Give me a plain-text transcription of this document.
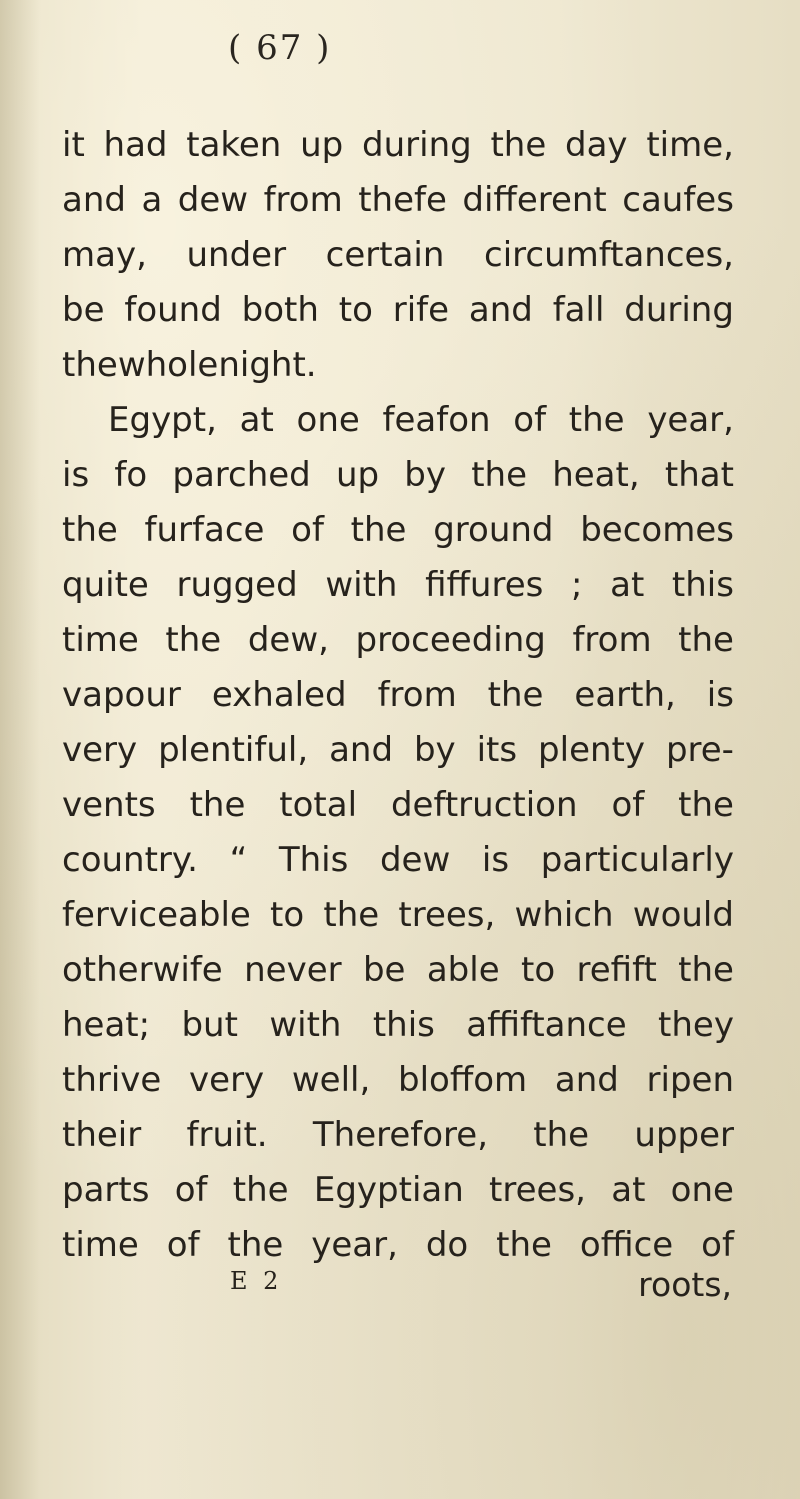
( 67 )
it had taken up during the day time,
and a dew from thefe different caufes
may, under certain circumftances,
be found both to rife and fall during
the whole night.
Egypt, at one feafon of the year,
is fo parched up by the heat, that
the furface of the ground becomes
quite rugged with fiffures ; at this
time the dew, proceeding from the
vapour exhaled from the earth, is
very plentiful, and by its plenty pre-
vents the total deftruction of the
country. “ This dew is particularly
ferviceable to the trees, which would
otherwife never be able to refift the
heat; but with this affiftance they
thrive very well, bloffom and ripen
their fruit. Therefore, the upper
parts of the Egyptian trees, at one
time of the year, do the office of
E 2	roots,
